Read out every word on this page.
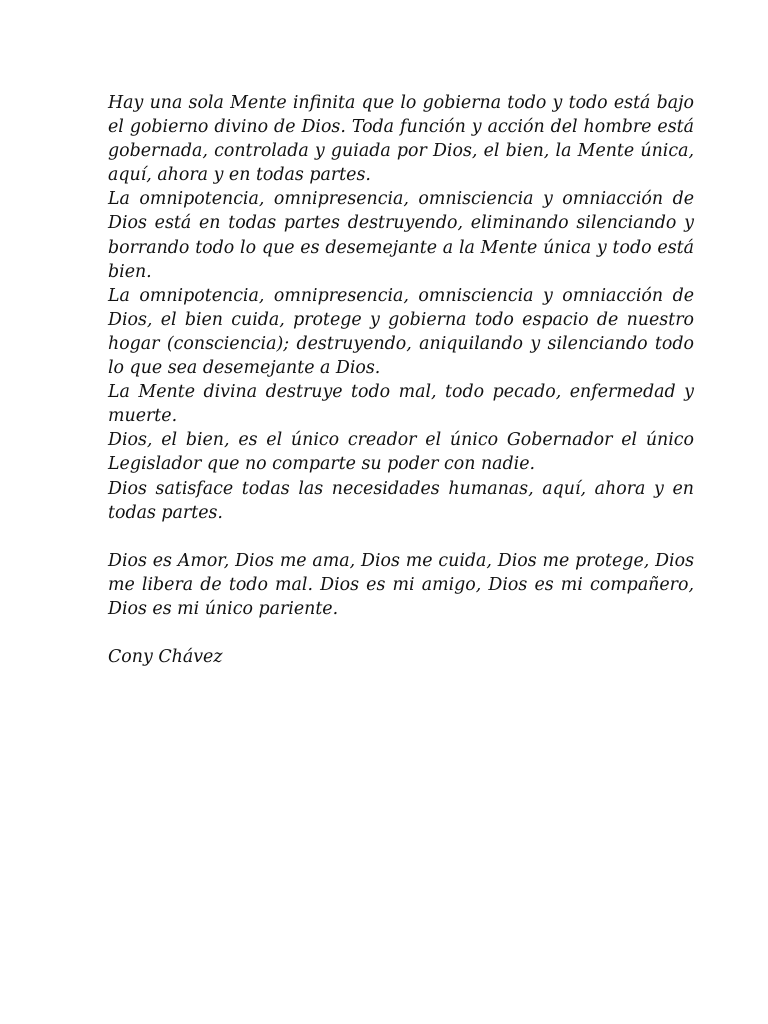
Hay una sola Mente infinita que lo gobierna todo y todo está bajo el gobierno divino de Dios. Toda función y acción del hombre está gobernada, controlada y guiada por Dios, el bien, la Mente única, aquí, ahora y en todas partes.

La omnipotencia, omnipresencia, omnisciencia y omniacción de Dios está en todas partes destruyendo, eliminando silenciando y borrando todo lo que es desemejante a la Mente única y todo está bien.

La omnipotencia, omnipresencia, omnisciencia y omniacción de Dios, el bien cuida, protege y gobierna todo espacio de nuestro hogar (consciencia); destruyendo, aniquilando y silenciando todo lo que sea desemejante a Dios.

La Mente divina destruye todo mal, todo pecado, enfermedad y muerte.

Dios, el bien, es el único creador el único Gobernador el único Legislador que no comparte su poder con nadie.

Dios satisface todas las necesidades humanas, aquí, ahora y en todas partes.

Dios es Amor, Dios me ama, Dios me cuida, Dios me protege, Dios me libera de todo mal. Dios es mi amigo, Dios es mi compañero, Dios es mi único pariente.

Cony Chávez
